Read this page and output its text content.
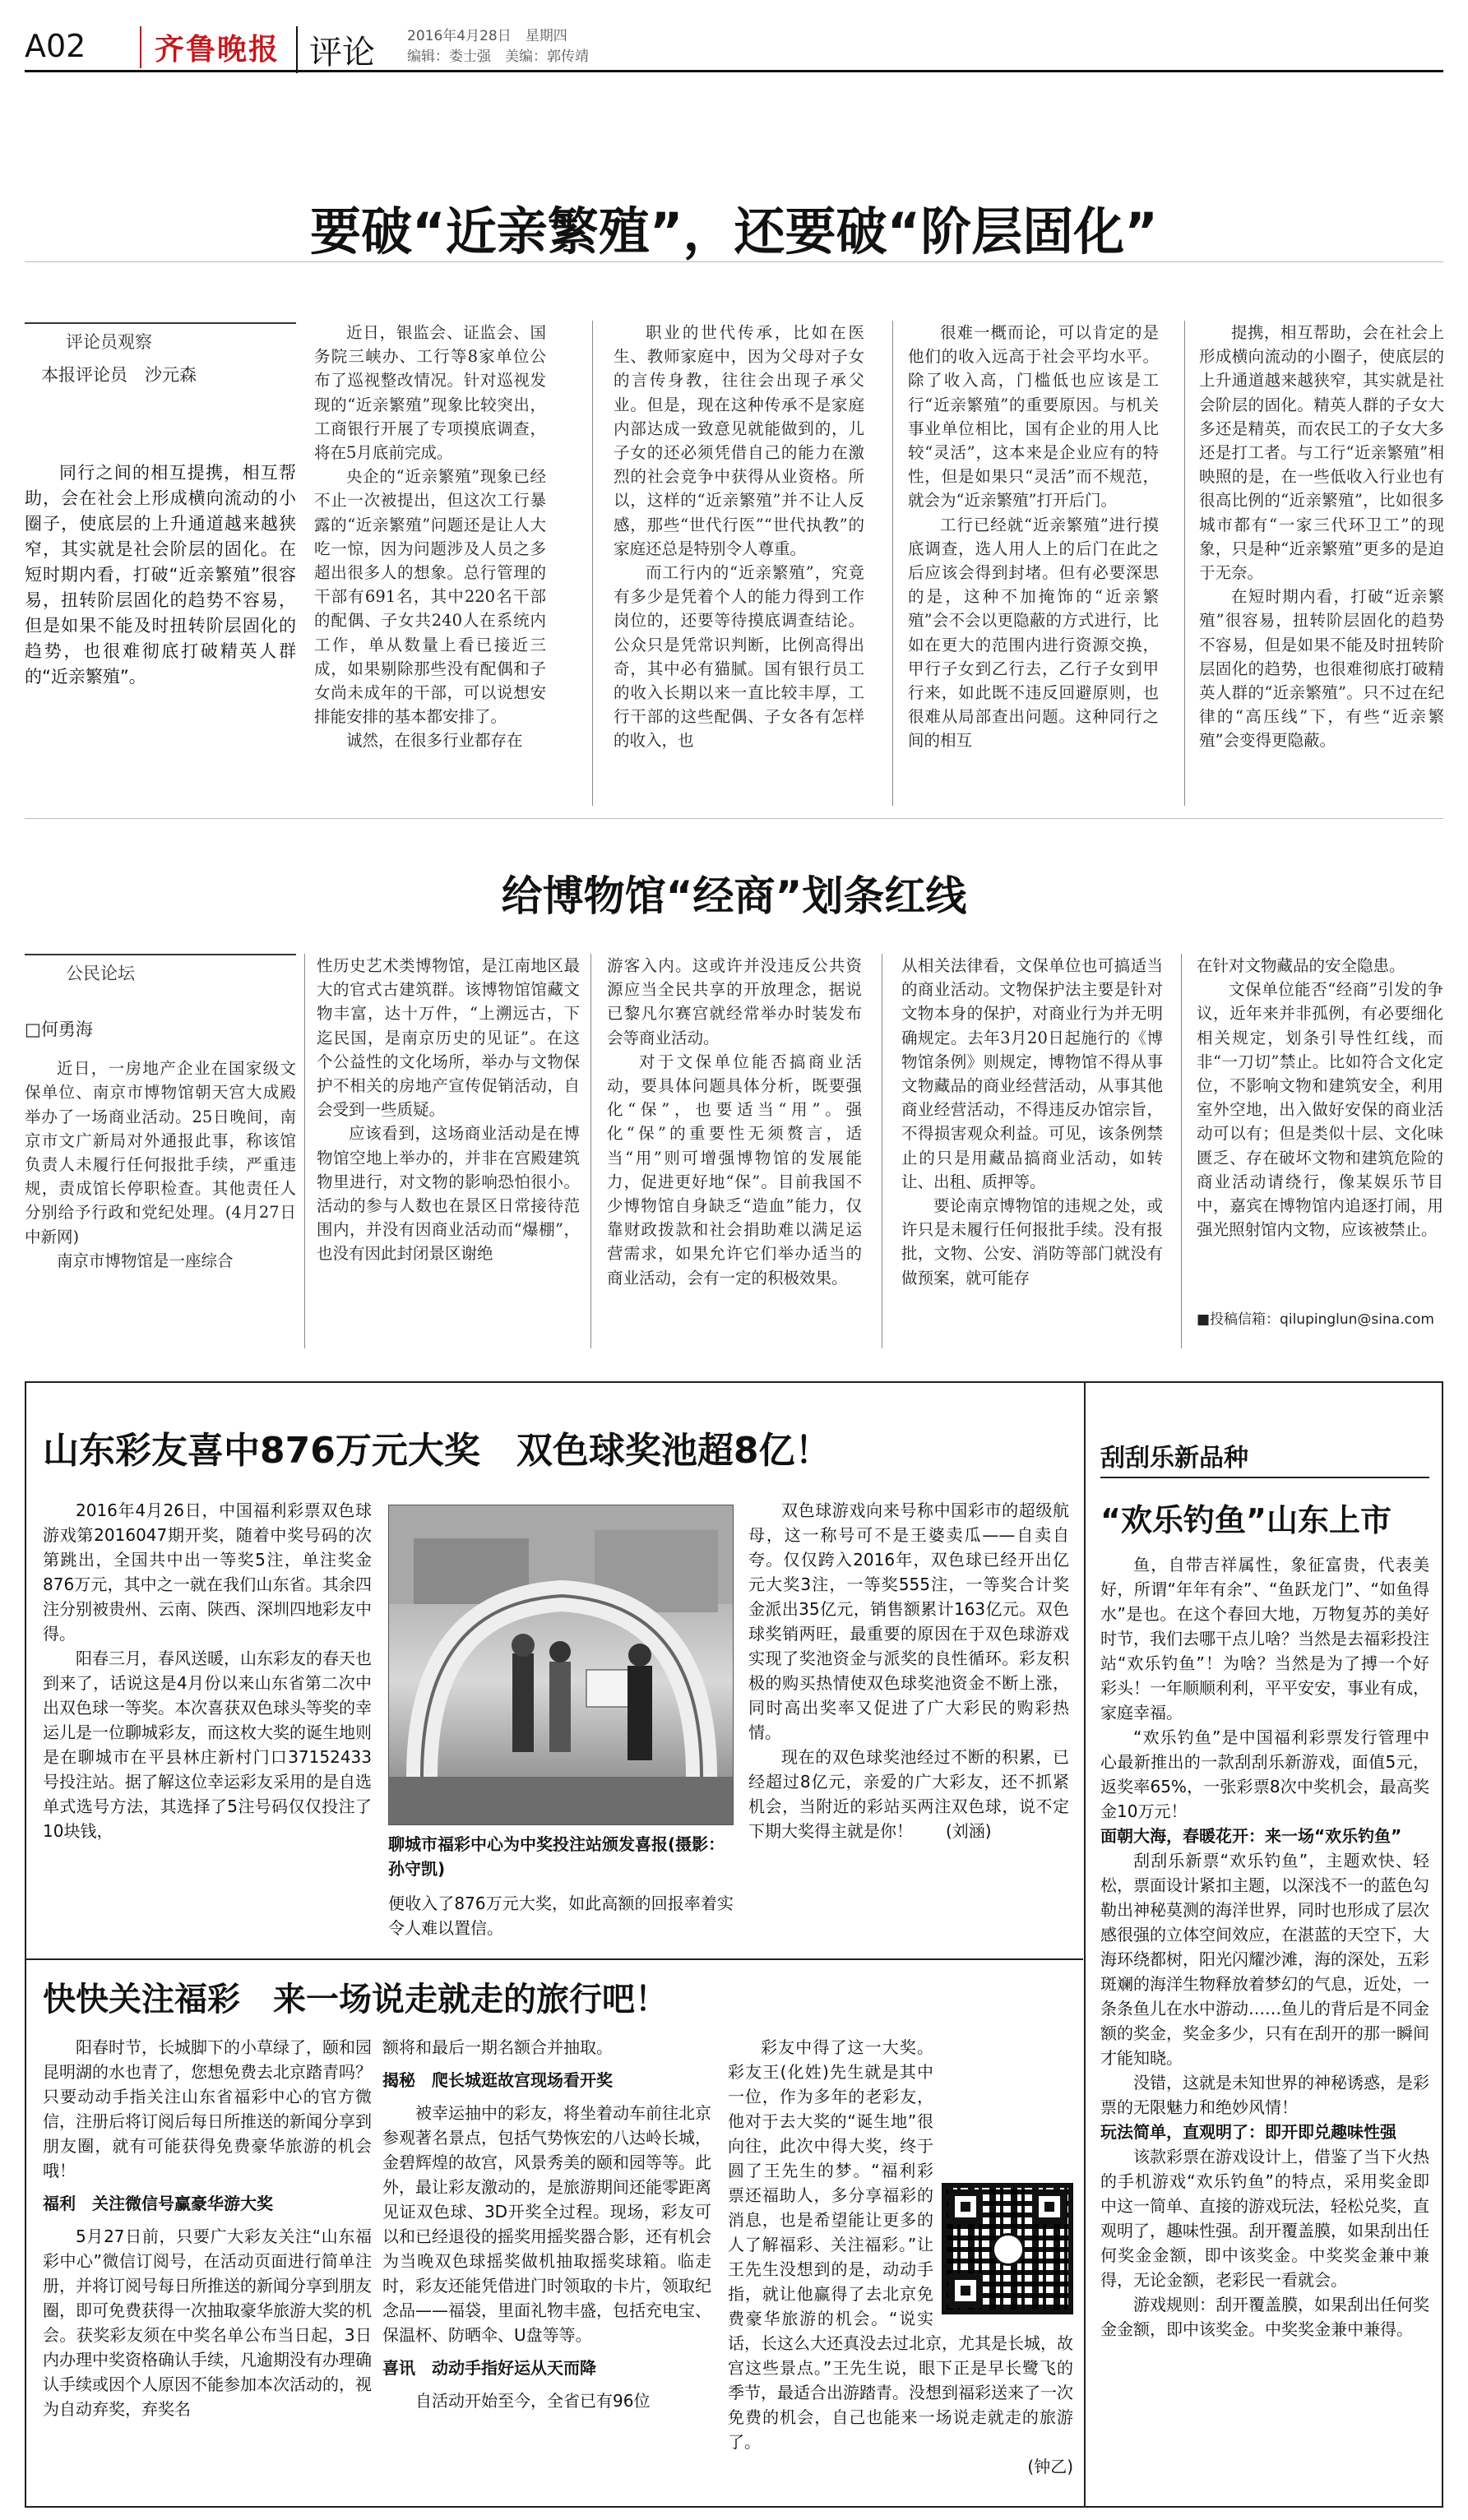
A02	齐鲁晚报 评论 2016年4月28日　星期四
编辑：娄士强　美编：郭传靖
要破“近亲繁殖”，还要破“阶层固化”
评论员观察
本报评论员　沙元森
同行之间的相互提携，相互帮助，会在社会上形成横向流动的小圈子，使底层的上升通道越来越狭窄，其实就是社会阶层的固化。在短时期内看，打破“近亲繁殖”很容易，扭转阶层固化的趋势不容易，但是如果不能及时扭转阶层固化的趋势，也很难彻底打破精英人群的“近亲繁殖”。

近日，银监会、证监会、国务院三峡办、工行等8家单位公布了巡视整改情况。针对巡视发现的“近亲繁殖”现象比较突出，工商银行开展了专项摸底调查，将在5月底前完成。

央企的“近亲繁殖”现象已经不止一次被提出，但这次工行暴露的“近亲繁殖”问题还是让人大吃一惊，因为问题涉及人员之多超出很多人的想象。总行管理的干部有691名，其中220名干部的配偶、子女共240人在系统内工作，单从数量上看已接近三成，如果剔除那些没有配偶和子女尚未成年的干部，可以说想安排能安排的基本都安排了。

诚然，在很多行业都存在

职业的世代传承，比如在医生、教师家庭中，因为父母对子女的言传身教，往往会出现子承父业。但是，现在这种传承不是家庭内部达成一致意见就能做到的，儿子女的还必须凭借自己的能力在激烈的社会竞争中获得从业资格。所以，这样的“近亲繁殖”并不让人反感，那些“世代行医”“世代执教”的家庭还总是特别令人尊重。

而工行内的“近亲繁殖”，究竟有多少是凭着个人的能力得到工作岗位的，还要等待摸底调查结论。公众只是凭常识判断，比例高得出奇，其中必有猫腻。国有银行员工的收入长期以来一直比较丰厚，工行干部的这些配偶、子女各有怎样的收入，也

很难一概而论，可以肯定的是他们的收入远高于社会平均水平。除了收入高，门槛低也应该是工行“近亲繁殖”的重要原因。与机关事业单位相比，国有企业的用人比较“灵活”，这本来是企业应有的特性，但是如果只“灵活”而不规范，就会为“近亲繁殖”打开后门。

工行已经就“近亲繁殖”进行摸底调查，选人用人上的后门在此之后应该会得到封堵。但有必要深思的是，这种不加掩饰的“近亲繁殖”会不会以更隐蔽的方式进行，比如在更大的范围内进行资源交换，甲行子女到乙行去，乙行子女到甲行来，如此既不违反回避原则，也很难从局部查出问题。这种同行之间的相互

提携，相互帮助，会在社会上形成横向流动的小圈子，使底层的上升通道越来越狭窄，其实就是社会阶层的固化。精英人群的子女大多还是精英，而农民工的子女大多还是打工者。与工行“近亲繁殖”相映照的是，在一些低收入行业也有很高比例的“近亲繁殖”，比如很多城市都有“一家三代环卫工”的现象，只是种“近亲繁殖”更多的是迫于无奈。

在短时期内看，打破“近亲繁殖”很容易，扭转阶层固化的趋势不容易，但是如果不能及时扭转阶层固化的趋势，也很难彻底打破精英人群的“近亲繁殖”。只不过在纪律的“高压线”下，有些“近亲繁殖”会变得更隐蔽。

给博物馆“经商”划条红线
公民论坛

□何勇海

近日，一房地产企业在国家级文保单位、南京市博物馆朝天宫大成殿举办了一场商业活动。25日晚间，南京市文广新局对外通报此事，称该馆负责人未履行任何报批手续，严重违规，责成馆长停职检查。其他责任人分别给予行政和党纪处理。(4月27日中新网)

南京市博物馆是一座综合

性历史艺术类博物馆，是江南地区最大的官式古建筑群。该博物馆馆藏文物丰富，达十万件，“上溯远古，下迄民国，是南京历史的见证”。在这个公益性的文化场所，举办与文物保护不相关的房地产宣传促销活动，自会受到一些质疑。

应该看到，这场商业活动是在博物馆空地上举办的，并非在宫殿建筑物里进行，对文物的影响恐怕很小。活动的参与人数也在景区日常接待范围内，并没有因商业活动而“爆棚”，也没有因此封闭景区谢绝

游客入内。这或许并没违反公共资源应当全民共享的开放理念，据说已黎凡尔赛宫就经常举办时装发布会等商业活动。

对于文保单位能否搞商业活动，要具体问题具体分析，既要强化“保”，也要适当“用”。强化“保”的重要性无须赘言，适当“用”则可增强博物馆的发展能力，促进更好地“保”。目前我国不少博物馆自身缺乏“造血”能力，仅靠财政拨款和社会捐助难以满足运营需求，如果允许它们举办适当的商业活动，会有一定的积极效果。

从相关法律看，文保单位也可搞适当的商业活动。文物保护法主要是针对文物本身的保护，对商业行为并无明确规定。去年3月20日起施行的《博物馆条例》则规定，博物馆不得从事文物藏品的商业经营活动，从事其他商业经营活动，不得违反办馆宗旨，不得损害观众利益。可见，该条例禁止的只是用藏品搞商业活动，如转让、出租、质押等。

要论南京博物馆的违规之处，或许只是未履行任何报批手续。没有报批，文物、公安、消防等部门就没有做预案，就可能存

在针对文物藏品的安全隐患。

文保单位能否“经商”引发的争议，近年来并非孤例，有必要细化相关规定，划条引导性红线，而非“一刀切”禁止。比如符合文化定位，不影响文物和建筑安全，利用室外空地，出入做好安保的商业活动可以有；但是类似十层、文化味匮乏、存在破坏文物和建筑危险的商业活动请绕行，像某娱乐节目中，嘉宾在博物馆内追逐打闹，用强光照射馆内文物，应该被禁止。

■投稿信箱：qilupinglun@sina.com
山东彩友喜中876万元大奖　双色球奖池超8亿！

2016年4月26日，中国福利彩票双色球游戏第2016047期开奖，随着中奖号码的次第跳出，全国共中出一等奖5注，单注奖金876万元，其中之一就在我们山东省。其余四注分别被贵州、云南、陕西、深圳四地彩友中得。

阳春三月，春风送暖，山东彩友的春天也到来了，话说这是4月份以来山东省第二次中出双色球一等奖。本次喜获双色球头等奖的幸运儿是一位聊城彩友，而这枚大奖的诞生地则是在聊城市在平县林庄新村门口37152433号投注站。据了解这位幸运彩友采用的是自选单式选号方法，其选择了5注号码仅仅投注了10块钱，

聊城市福彩中心为中奖投注站颁发喜报(摄影：孙守凯)

便收入了876万元大奖，如此高额的回报率着实令人难以置信。

双色球游戏向来号称中国彩市的超级航母，这一称号可不是王婆卖瓜——自卖自夸。仅仅跨入2016年，双色球已经开出亿元大奖3注，一等奖555注，一等奖合计奖金派出35亿元，销售额累计163亿元。双色球奖销两旺，最重要的原因在于双色球游戏实现了奖池资金与派奖的良性循环。彩友积极的购买热情使双色球奖池资金不断上涨，同时高出奖率又促进了广大彩民的购彩热情。

现在的双色球奖池经过不断的积累，已经超过8亿元，亲爱的广大彩友，还不抓紧机会，当附近的彩站买两注双色球，说不定下期大奖得主就是你！　　(刘涵)

快快关注福彩　来一场说走就走的旅行吧！

阳春时节，长城脚下的小草绿了，颐和园昆明湖的水也青了，您想免费去北京踏青吗？只要动动手指关注山东省福彩中心的官方微信，注册后将订阅后每日所推送的新闻分享到朋友圈，就有可能获得免费豪华旅游的机会哦！

福利　关注微信号赢豪华游大奖

5月27日前，只要广大彩友关注“山东福彩中心”微信订阅号，在活动页面进行简单注册，并将订阅号每日所推送的新闻分享到朋友圈，即可免费获得一次抽取豪华旅游大奖的机会。获奖彩友须在中奖名单公布当日起，3日内办理中奖资格确认手续，凡逾期没有办理确认手续或因个人原因不能参加本次活动的，视为自动弃奖，弃奖名

额将和最后一期名额合并抽取。

揭秘　爬长城逛故宫现场看开奖

被幸运抽中的彩友，将坐着动车前往北京参观著名景点，包括气势恢宏的八达岭长城，金碧辉煌的故宫，风景秀美的颐和园等等。此外，最让彩友激动的，是旅游期间还能零距离见证双色球、3D开奖全过程。现场，彩友可以和已经退役的摇奖用摇奖器合影，还有机会为当晚双色球摇奖做机抽取摇奖球箱。临走时，彩友还能凭借进门时领取的卡片，领取纪念品——福袋，里面礼物丰盛，包括充电宝、保温杯、防晒伞、U盘等等。

喜讯　动动手指好运从天而降

自活动开始至今，全省已有96位

彩友中得了这一大奖。彩友王(化姓)先生就是其中一位，作为多年的老彩友，他对于去大奖的“诞生地”很向往，此次中得大奖，终于圆了王先生的梦。“福利彩票还福助人，多分享福彩的消息，也是希望能让更多的人了解福彩、关注福彩。”让王先生没想到的是，动动手指，就让他赢得了去北京免费豪华旅游的机会。“说实话，长这么大还真没去过北京，尤其是长城，故宫这些景点。”王先生说，眼下正是早长鹭飞的季节，最适合出游踏青。没想到福彩送来了一次免费的机会，自己也能来一场说走就走的旅游了。

(钟乙)

刮刮乐新品种
“欢乐钓鱼”山东上市

鱼，自带吉祥属性，象征富贵，代表美好，所谓“年年有余”、“鱼跃龙门”、“如鱼得水”是也。在这个春回大地，万物复苏的美好时节，我们去哪干点儿啥？当然是去福彩投注站“欢乐钓鱼”！为啥？当然是为了搏一个好彩头！一年顺顺利利，平平安安，事业有成，家庭幸福。

“欢乐钓鱼”是中国福利彩票发行管理中心最新推出的一款刮刮乐新游戏，面值5元，返奖率65%，一张彩票8次中奖机会，最高奖金10万元！

面朝大海，春暖花开：来一场“欢乐钓鱼”

刮刮乐新票“欢乐钓鱼”，主题欢快、轻松，票面设计紧扣主题，以深浅不一的蓝色勾勒出神秘莫测的海洋世界，同时也形成了层次感很强的立体空间效应，在湛蓝的天空下，大海环绕都树，阳光闪耀沙滩，海的深处，五彩斑斓的海洋生物释放着梦幻的气息，近处，一条条鱼儿在水中游动……鱼儿的背后是不同金额的奖金，奖金多少，只有在刮开的那一瞬间才能知晓。

没错，这就是未知世界的神秘诱惑，是彩票的无限魅力和绝妙风情！

玩法简单，直观明了：即开即兑趣味性强

该款彩票在游戏设计上，借鉴了当下火热的手机游戏“欢乐钓鱼”的特点，采用奖金即中这一简单、直接的游戏玩法，轻松兑奖，直观明了，趣味性强。刮开覆盖膜，如果刮出任何奖金金额，即中该奖金。中奖奖金兼中兼得，无论金额，老彩民一看就会。

游戏规则：刮开覆盖膜，如果刮出任何奖金金额，即中该奖金。中奖奖金兼中兼得。
